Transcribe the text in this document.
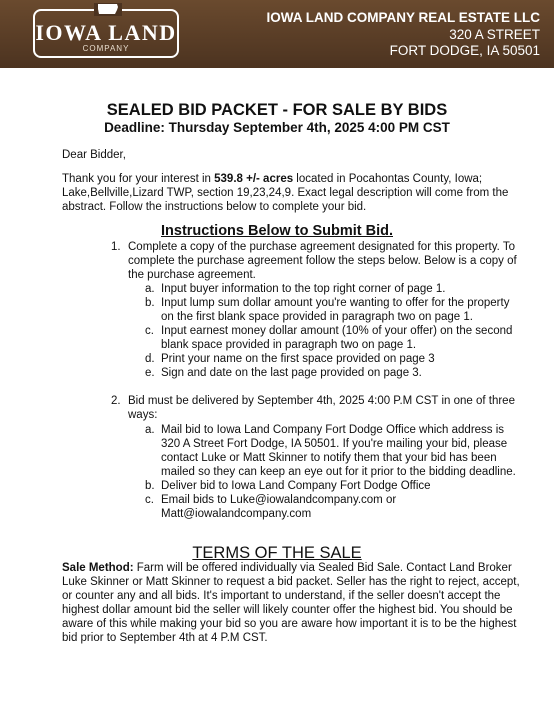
IOWA LAND
COMPANY
IOWA LAND COMPANY REAL ESTATE LLC
320 A STREET
FORT DODGE, IA 50501
SEALED BID PACKET - FOR SALE BY BIDS
Deadline: Thursday September 4th, 2025 4:00 PM CST
Dear Bidder,
Thank you for your interest in 539.8 +/- acres located in Pocahontas County, Iowa;
Lake,Bellville,Lizard TWP, section 19,23,24,9. Exact legal description will come from the
abstract. Follow the instructions below to complete your bid.
Instructions Below to Submit Bid.
1. Complete a copy of the purchase agreement designated for this property. To
complete the purchase agreement follow the steps below. Below is a copy of
the purchase agreement.
a. Input buyer information to the top right corner of page 1.
b. Input lump sum dollar amount you're wanting to offer for the property
on the first blank space provided in paragraph two on page 1.
c. Input earnest money dollar amount (10% of your offer) on the second
blank space provided in paragraph two on page 1.
d. Print your name on the first space provided on page 3
e. Sign and date on the last page provided on page 3.
2. Bid must be delivered by September 4th, 2025 4:00 P.M CST in one of three
ways:
a. Mail bid to Iowa Land Company Fort Dodge Office which address is
320 A Street Fort Dodge, IA 50501. If you're mailing your bid, please
contact Luke or Matt Skinner to notify them that your bid has been
mailed so they can keep an eye out for it prior to the bidding deadline.
b. Deliver bid to Iowa Land Company Fort Dodge Office
c. Email bids to Luke@iowalandcompany.com or
Matt@iowalandcompany.com
TERMS OF THE SALE
Sale Method: Farm will be offered individually via Sealed Bid Sale. Contact Land Broker
Luke Skinner or Matt Skinner to request a bid packet. Seller has the right to reject, accept,
or counter any and all bids. It's important to understand, if the seller doesn't accept the
highest dollar amount bid the seller will likely counter offer the highest bid. You should be
aware of this while making your bid so you are aware how important it is to be the highest
bid prior to September 4th at 4 P.M CST.
